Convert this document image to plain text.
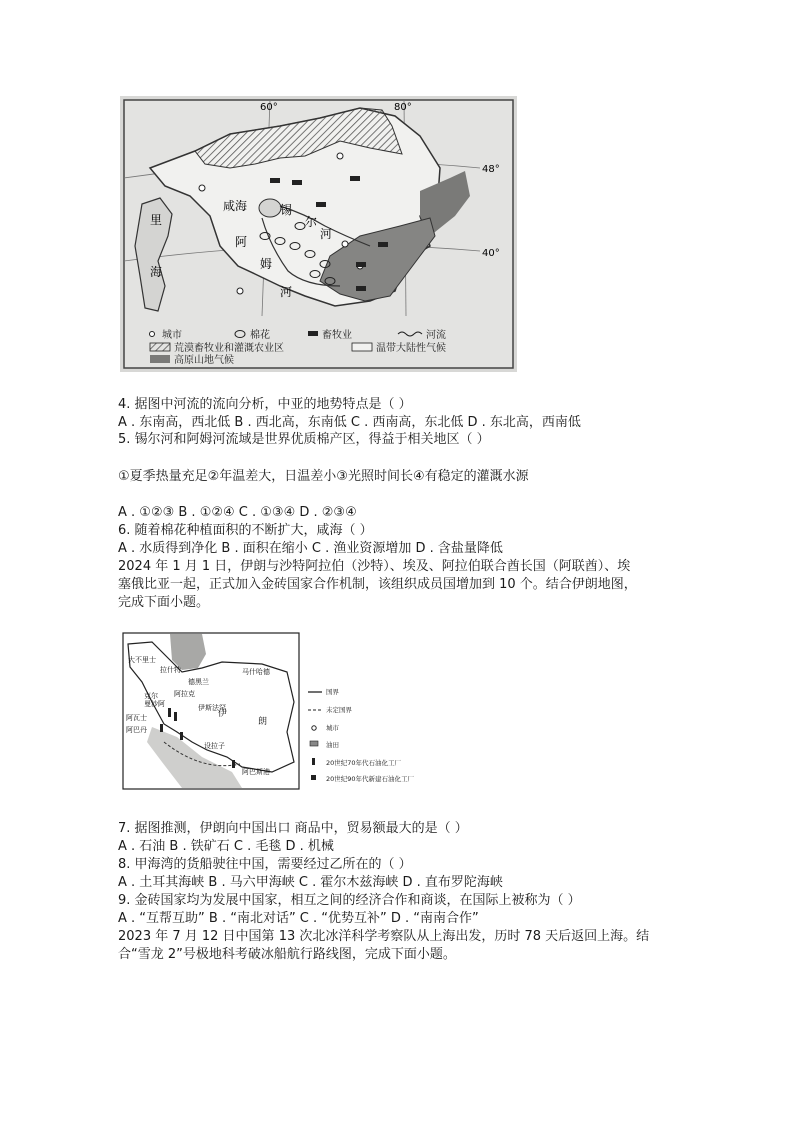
60°	80°
48°
40°
咸海	锡
尔
河
里
海
阿
姆
河
城市	棉花	畜牧业	河流
荒漠畜牧业和灌溉农业区	温带大陆性气候
高原山地气候
4. 据图中河流的流向分析，中亚的地势特点是（ ）
A . 东南高，西北低 B . 西北高，东南低 C . 西南高，东北低 D . 东北高，西南低
5. 锡尔河和阿姆河流域是世界优质棉产区，得益于相关地区（ ）
①夏季热量充足②年温差大，日温差小③光照时间长④有稳定的灌溉水源
A . ①②③ B . ①②④ C . ①③④ D . ②③④
6. 随着棉花种植面积的不断扩大，咸海（ ）
A . 水质得到净化 B . 面积在缩小 C . 渔业资源增加 D . 含盐量降低
2024 年 1 月 1 日，伊朗与沙特阿拉伯（沙特）、埃及、阿拉伯联合酋长国（阿联酋）、埃
塞俄比亚一起，正式加入金砖国家合作机制，该组织成员国增加到 10 个。结合伊朗地图，
完成下面小题。
大不里士
拉什特
德黑兰
马什哈德
克尔
曼沙阿
阿拉克
伊斯法罕
阿瓦士
阿巴丹
伊
朗
设拉子
阿巴斯港
国界
未定国界
城市
油田
20世纪70年代石油化工厂
20世纪90年代新建石油化工厂
7. 据图推测，伊朗向中国出口 商品中，贸易额最大的是（ ）
A . 石油 B . 铁矿石 C . 毛毯 D . 机械
8. 甲海湾的货船驶往中国，需要经过乙所在的（ ）
A . 土耳其海峡 B . 马六甲海峡 C . 霍尔木兹海峡 D . 直布罗陀海峡
9. 金砖国家均为发展中国家，相互之间的经济合作和商谈，在国际上被称为（ ）
A . “互帮互助” B . “南北对话” C . “优势互补” D . “南南合作”
2023 年 7 月 12 日中国第 13 次北冰洋科学考察队从上海出发，历时 78 天后返回上海。结
合“雪龙 2”号极地科考破冰船航行路线图，完成下面小题。
